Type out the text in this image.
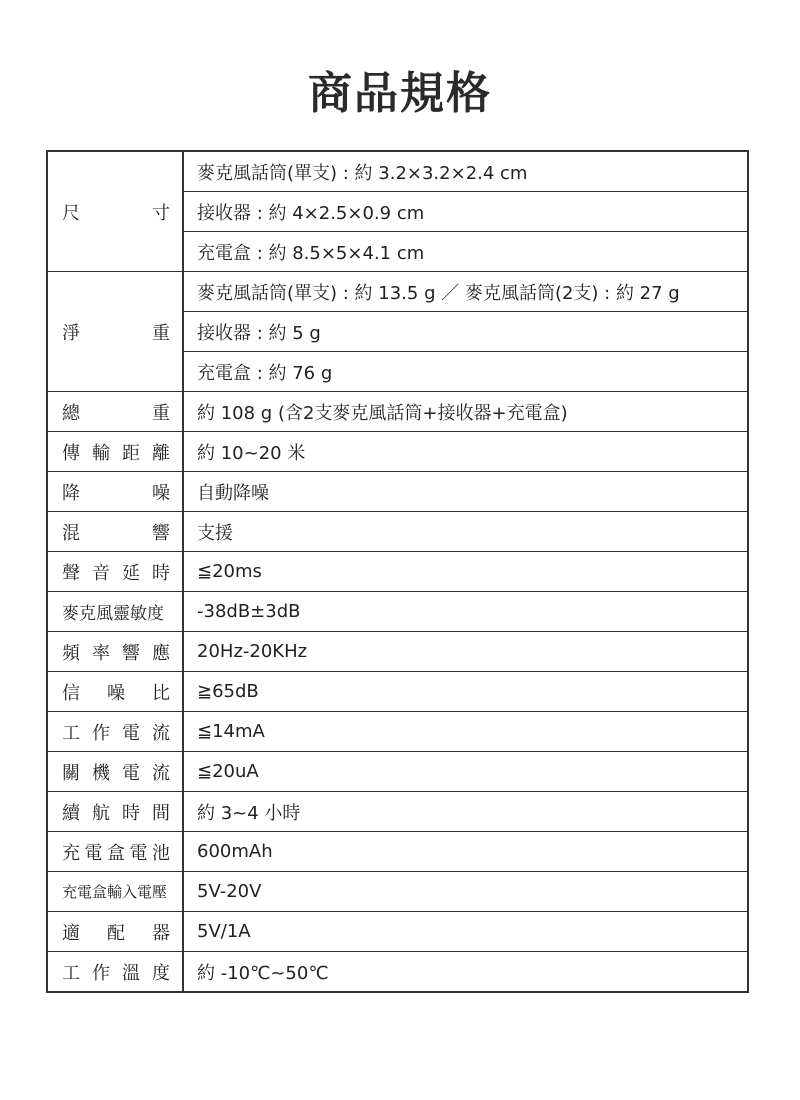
商品規格
尺 寸	麥克風話筒(單支) : 約 3.2×3.2×2.4 cm
	接收器 : 約 4×2.5×0.9 cm
	充電盒 : 約 8.5×5×4.1 cm

淨 重	麥克風話筒(單支) : 約 13.5 g ／ 麥克風話筒(2支) : 約 27 g
	接收器 : 約 5 g
	充電盒 : 約 76 g

總 重	約 108 g (含2支麥克風話筒+接收器+充電盒)

傳 輸 距 離	約 10~20 米

降 噪	自動降噪

混 響	支援

聲 音 延 時	≦20ms
麥克風靈敏度	-38dB±3dB

頻 率 響 應	20Hz-20KHz

信 噪 比	≧65dB

工 作 電 流	≦14mA

關 機 電 流	≦20uA

續 航 時 間	約 3~4 小時

充 電 盒 電 池	600mAh
充電盒輸入電壓	5V-20V

適 配 器	5V/1A

工 作 溫 度	約 -10℃~50℃
